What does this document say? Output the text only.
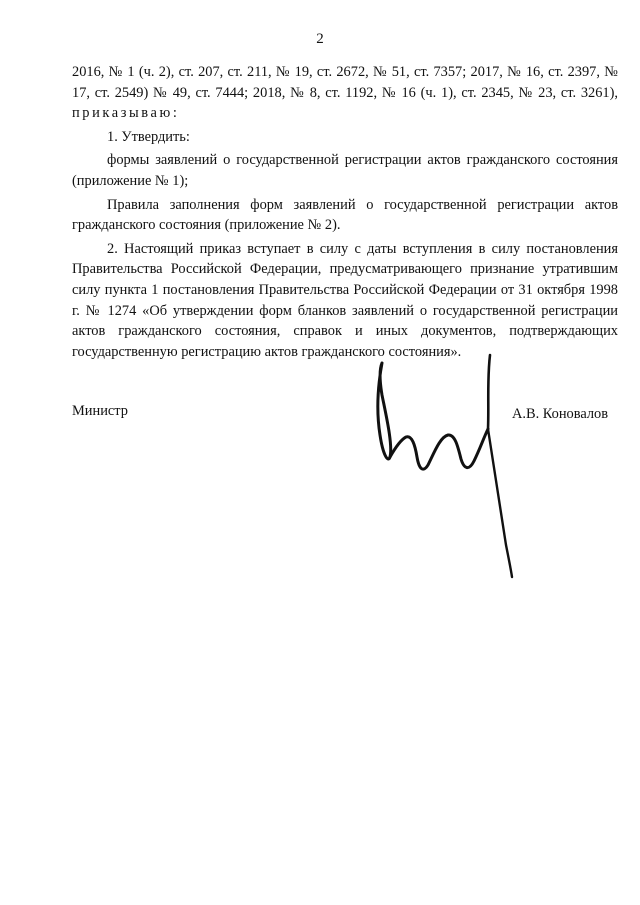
2

2016, № 1 (ч. 2), ст. 207, ст. 211, № 19, ст. 2672, № 51, ст. 7357; 2017, № 16, ст. 2397, № 17, ст. 2549) № 49, ст. 7444; 2018, № 8, ст. 1192, № 16 (ч. 1), ст. 2345, № 23, ст. 3261), приказываю:

1. Утвердить:

формы заявлений о государственной регистрации актов гражданского состояния (приложение № 1);

Правила заполнения форм заявлений о государственной регистрации актов гражданского состояния (приложение № 2).

2. Настоящий приказ вступает в силу с даты вступления в силу постановления Правительства Российской Федерации, предусматривающего признание утратившим силу пункта 1 постановления Правительства Российской Федерации от 31 октября 1998 г. № 1274 «Об утверждении форм бланков заявлений о государственной регистрации актов гражданского состояния, справок и иных документов, подтверждающих государственную регистрацию актов гражданского состояния».

Министр	А.В. Коновалов
